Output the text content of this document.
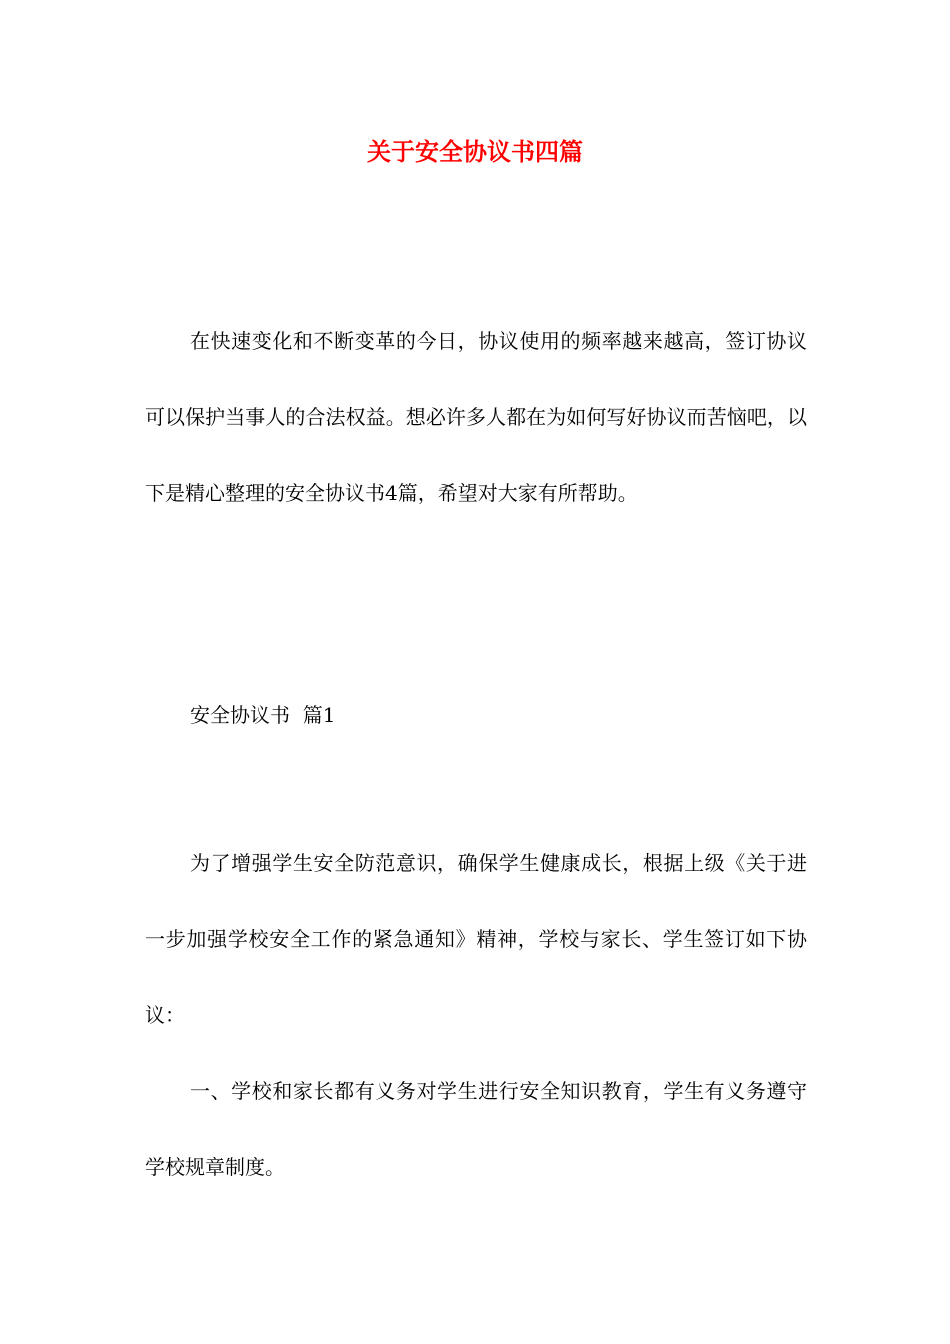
关于安全协议书四篇

在快速变化和不断变革的今日，协议使用的频率越来越高，签订协议可以保护当事人的合法权益。想必许多人都在为如何写好协议而苦恼吧，以下是精心整理的安全协议书4篇，希望对大家有所帮助。

安全协议书  篇1

为了增强学生安全防范意识，确保学生健康成长，根据上级《关于进一步加强学校安全工作的紧急通知》精神，学校与家长、学生签订如下协议：

一、学校和家长都有义务对学生进行安全知识教育，学生有义务遵守学校规章制度。
